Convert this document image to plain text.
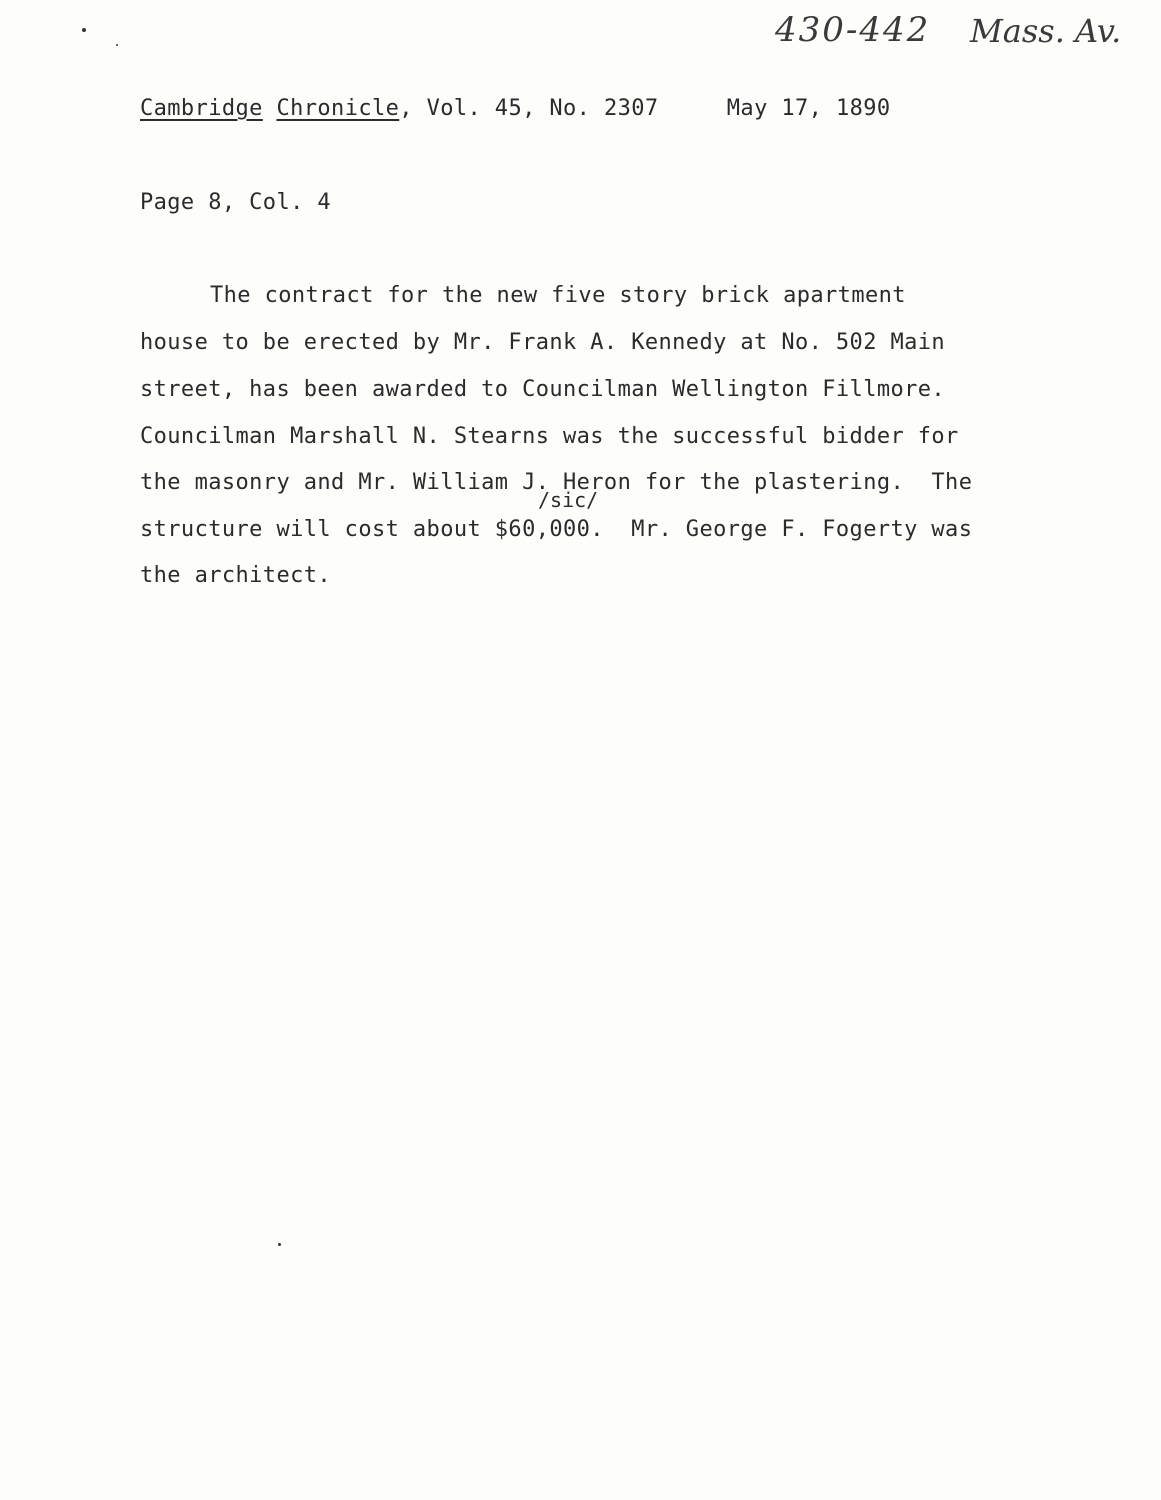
430-442 Mass. Av.
Cambridge Chronicle, Vol. 45, No. 2307	May 17, 1890
Page 8, Col. 4
The contract for the new five story brick apartment
house to be erected by Mr. Frank A. Kennedy at No. 502 Main
street, has been awarded to Councilman Wellington Fillmore.
Councilman Marshall N. Stearns was the successful bidder for
the masonry and Mr. William J. Heron for the plastering.  The
structure will cost about $60,000.  Mr. George F. Fogerty was
the architect.
/sic/
